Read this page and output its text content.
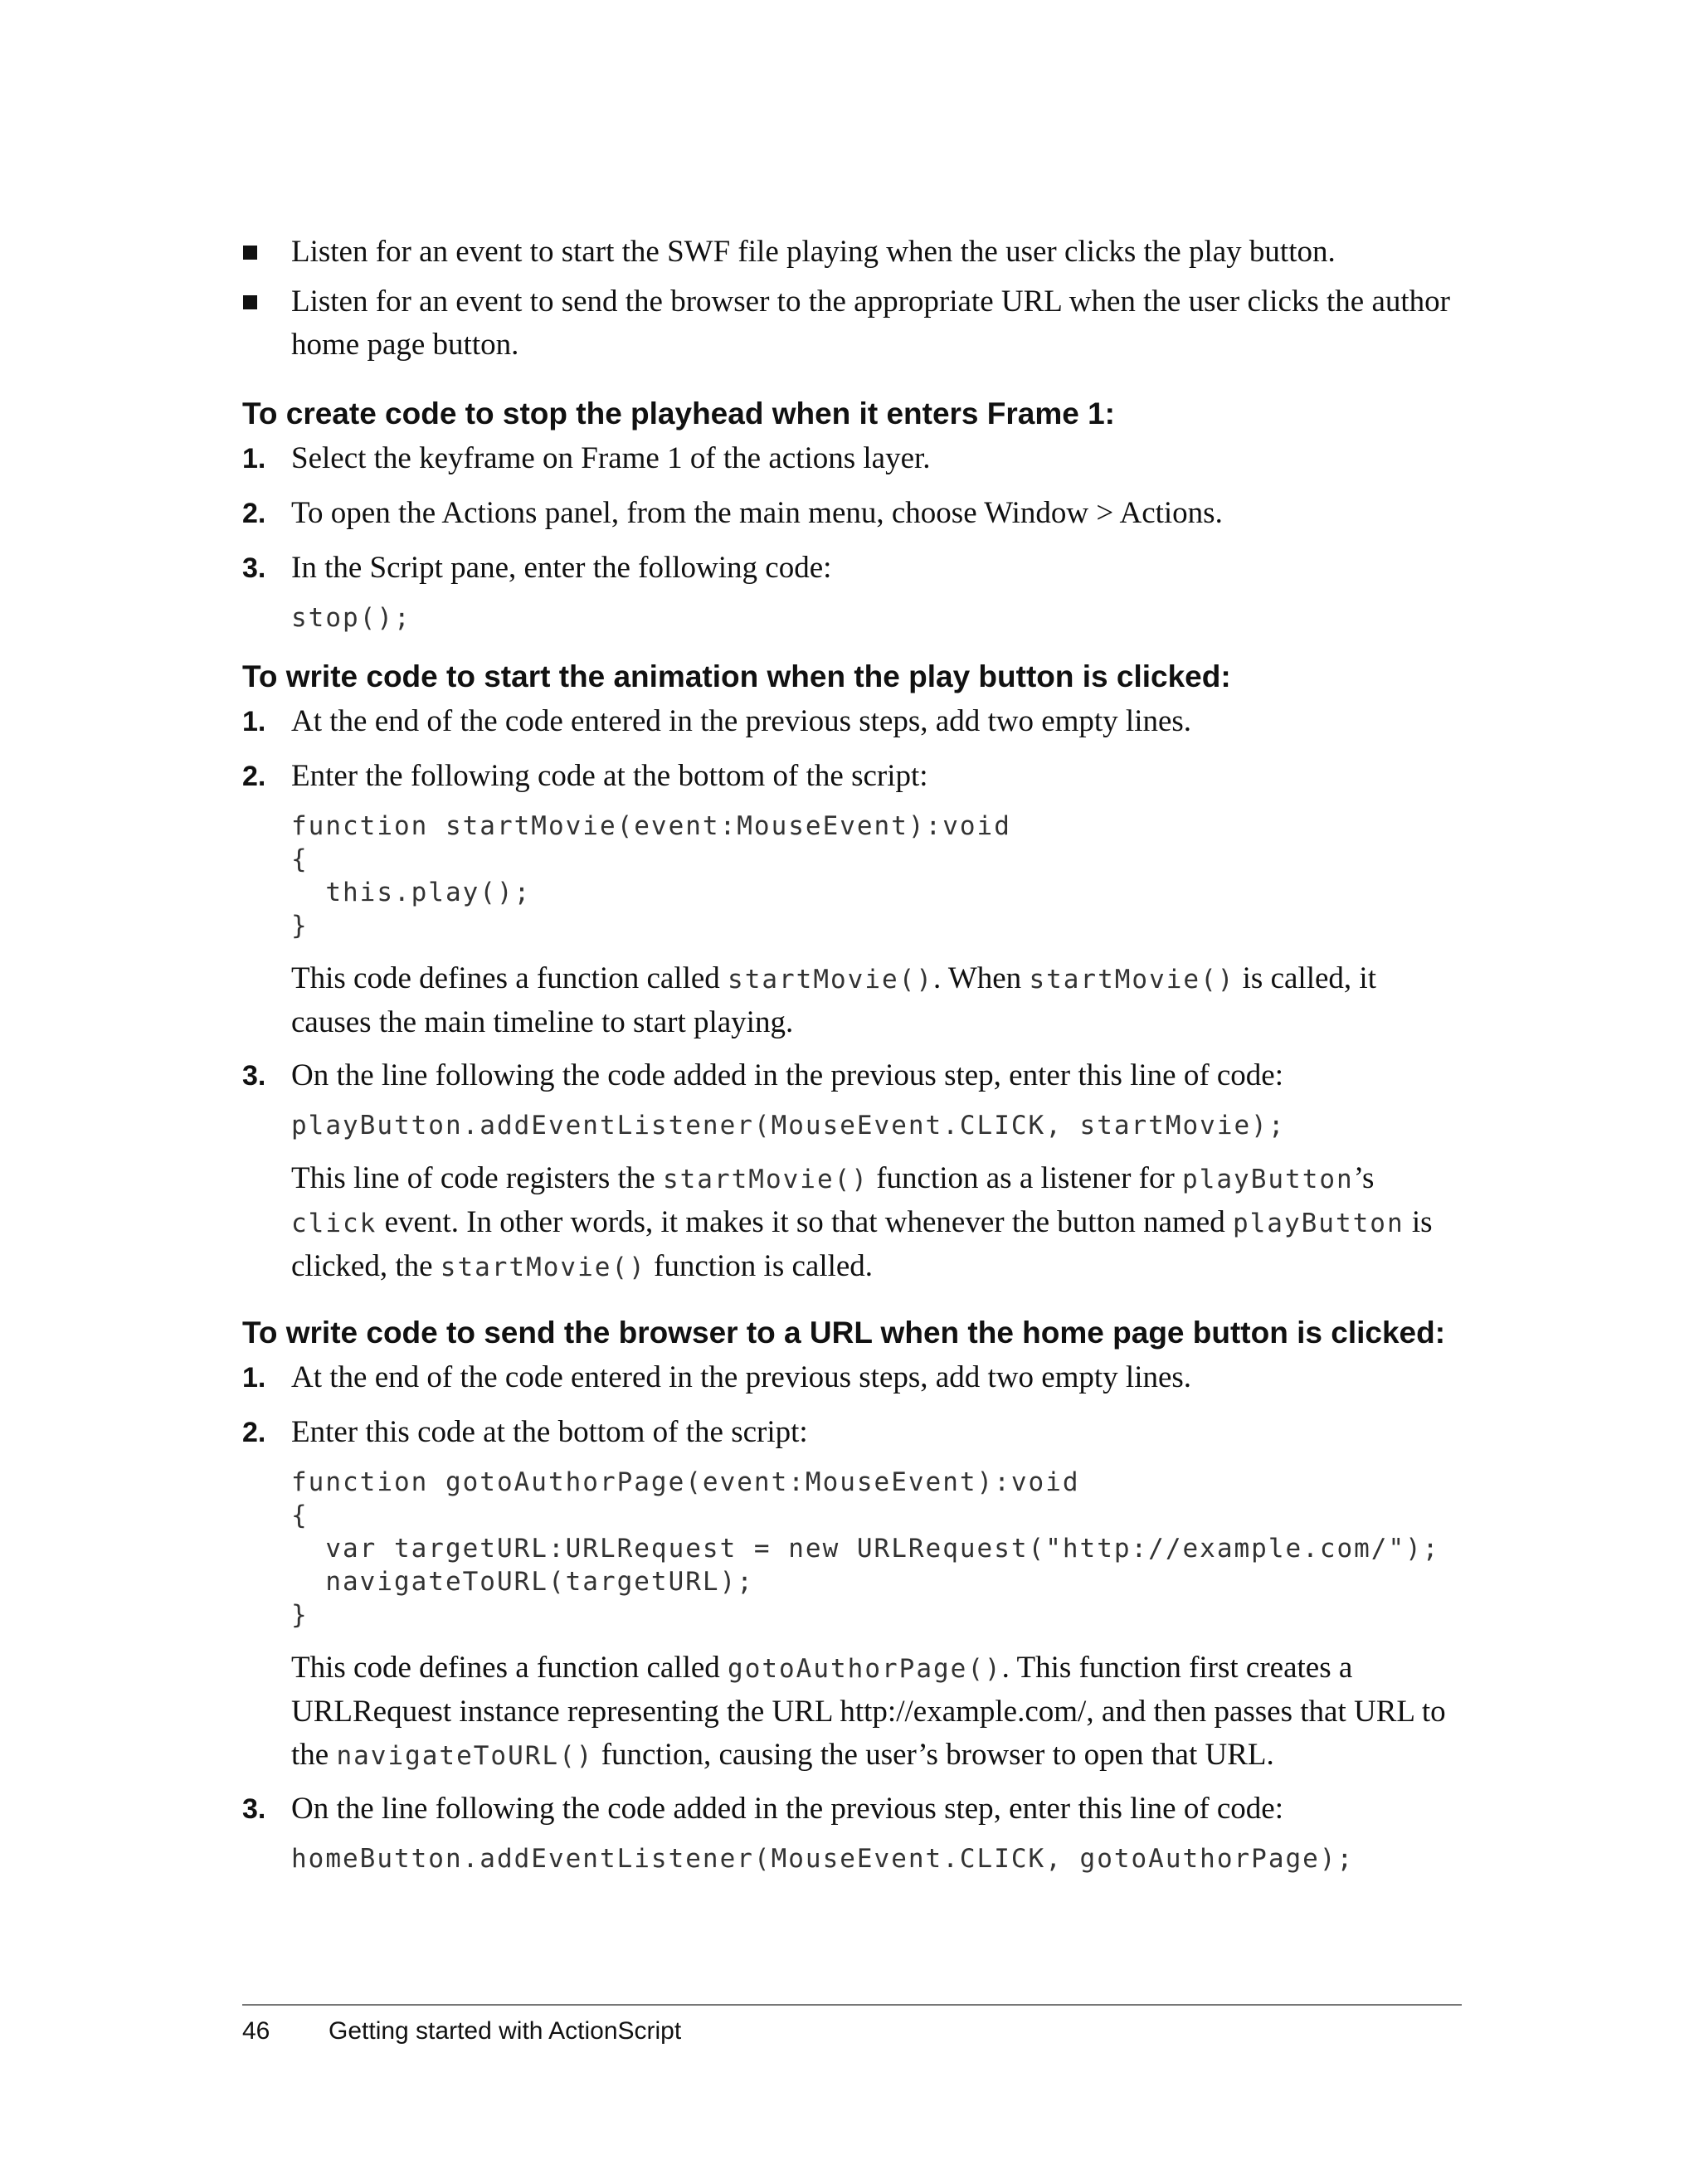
Listen for an event to start the SWF file playing when the user clicks the play button.
Listen for an event to send the browser to the appropriate URL when the user clicks the author home page button.
To create code to stop the playhead when it enters Frame 1:
1. Select the keyframe on Frame 1 of the actions layer.
2. To open the Actions panel, from the main menu, choose Window > Actions.
3. In the Script pane, enter the following code:
stop();
To write code to start the animation when the play button is clicked:
1. At the end of the code entered in the previous steps, add two empty lines.
2. Enter the following code at the bottom of the script:
function startMovie(event:MouseEvent):void
{
this.play();
}

This code defines a function called startMovie(). When startMovie() is called, it causes the main timeline to start playing.

3. On the line following the code added in the previous step, enter this line of code:
playButton.addEventListener(MouseEvent.CLICK, startMovie);

This line of code registers the startMovie() function as a listener for playButton’s click event. In other words, it makes it so that whenever the button named playButton is clicked, the startMovie() function is called.

To write code to send the browser to a URL when the home page button is clicked:
1. At the end of the code entered in the previous steps, add two empty lines.
2. Enter this code at the bottom of the script:
function gotoAuthorPage(event:MouseEvent):void
{
var targetURL:URLRequest = new URLRequest("http://example.com/");
navigateToURL(targetURL);
}

This code defines a function called gotoAuthorPage(). This function first creates a URLRequest instance representing the URL http://example.com/, and then passes that URL to the navigateToURL() function, causing the user’s browser to open that URL.

3. On the line following the code added in the previous step, enter this line of code:
homeButton.addEventListener(MouseEvent.CLICK, gotoAuthorPage);
46 Getting started with ActionScript
